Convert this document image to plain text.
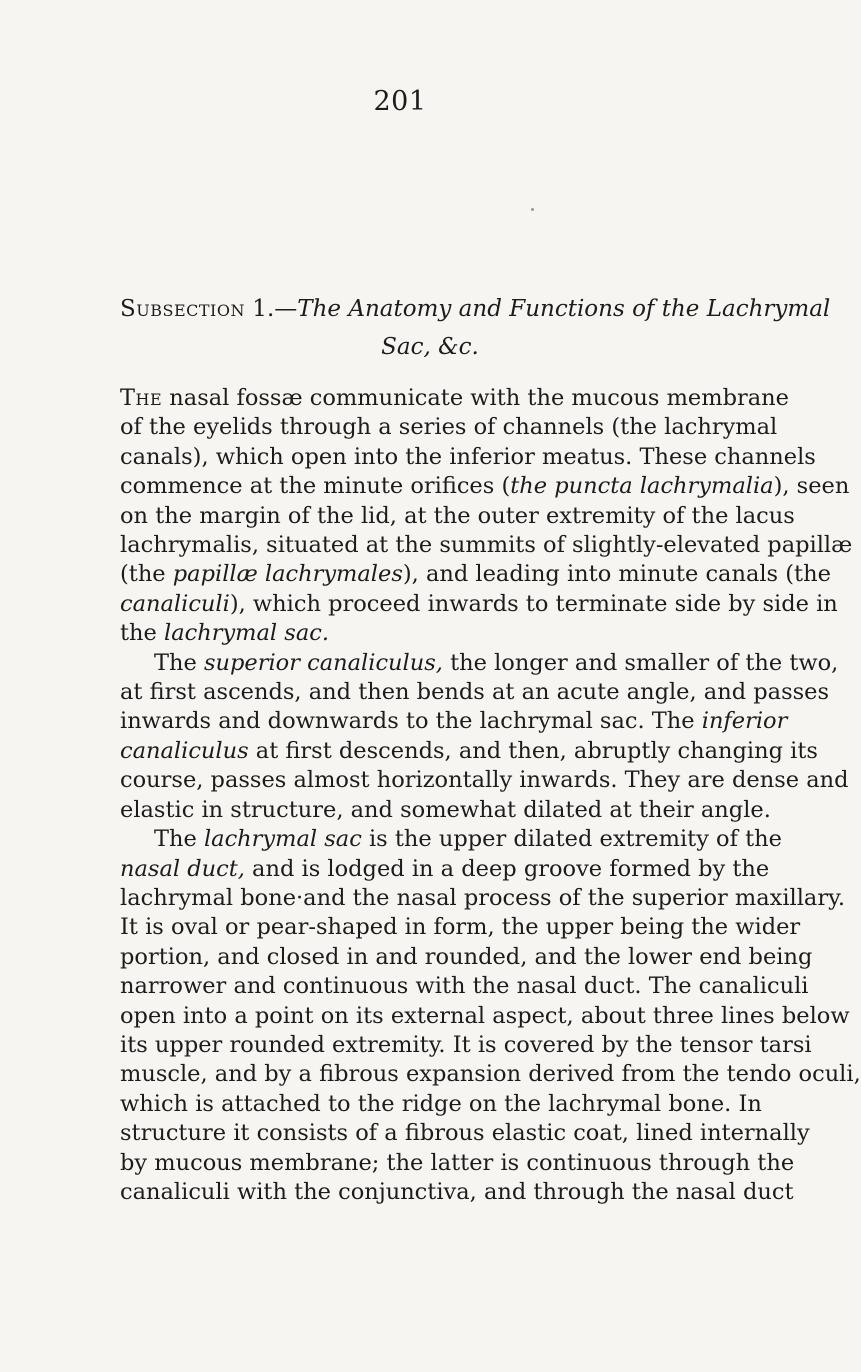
201
Subsection 1.—The Anatomy and Functions of the Lachrymal
Sac, &c.
The nasal fossæ communicate with the mucous membrane
of the eyelids through a series of channels (the lachrymal
canals), which open into the inferior meatus. These channels
commence at the minute orifices (the puncta lachrymalia), seen
on the margin of the lid, at the outer extremity of the lacus
lachrymalis, situated at the summits of slightly-elevated papillæ
(the papillæ lachrymales), and leading into minute canals (the
canaliculi), which proceed inwards to terminate side by side in
the lachrymal sac.
The superior canaliculus, the longer and smaller of the two,
at first ascends, and then bends at an acute angle, and passes
inwards and downwards to the lachrymal sac. The inferior
canaliculus at first descends, and then, abruptly changing its
course, passes almost horizontally inwards. They are dense and
elastic in structure, and somewhat dilated at their angle.
The lachrymal sac is the upper dilated extremity of the
nasal duct, and is lodged in a deep groove formed by the
lachrymal bone·and the nasal process of the superior maxillary.
It is oval or pear-shaped in form, the upper being the wider
portion, and closed in and rounded, and the lower end being
narrower and continuous with the nasal duct. The canaliculi
open into a point on its external aspect, about three lines below
its upper rounded extremity. It is covered by the tensor tarsi
muscle, and by a fibrous expansion derived from the tendo oculi,
which is attached to the ridge on the lachrymal bone. In
structure it consists of a fibrous elastic coat, lined internally
by mucous membrane; the latter is continuous through the
canaliculi with the conjunctiva, and through the nasal duct
